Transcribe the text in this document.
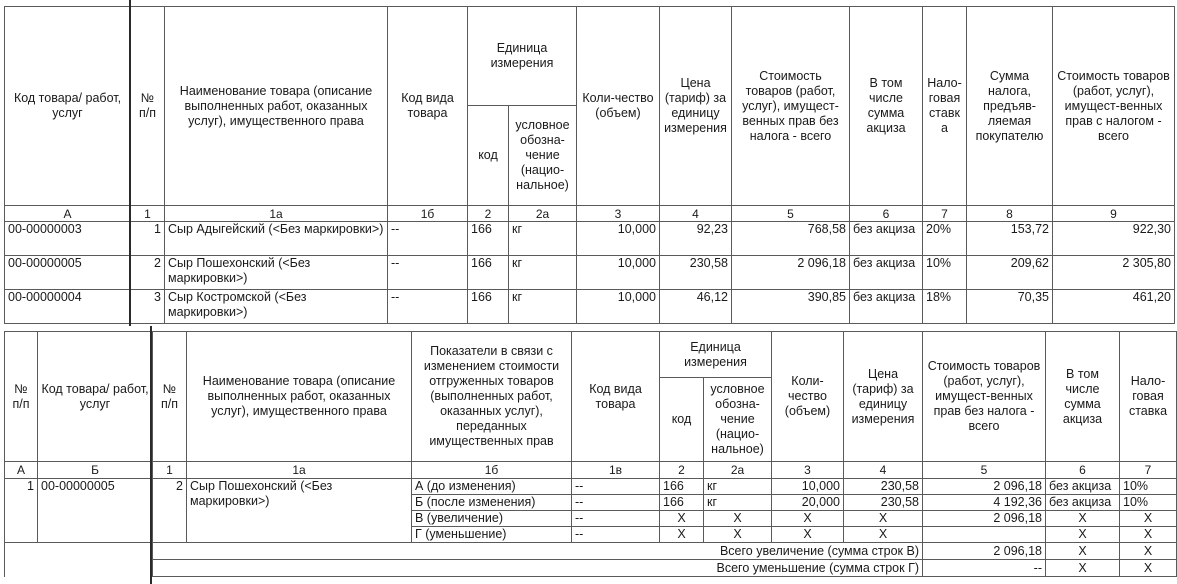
Код товара/ работ, услуг	№ п/п	Наименование товара (описание выполненных работ, оказанных услуг), имущественного права	Код вида товара	Единица измерения		Коли-чество (объем)	Цена (тариф) за единицу измерения	Стоимость товаров (работ, услуг), имущест-венных прав без налога - всего	В том числе сумма акциза	Нало-говая ставк а	Сумма налога, предъяв-ляемая покупателю	Стоимость товаров (работ, услуг), имущест-венных прав с налогом - всего
				код	условное обозна-чение (нацио-нальное)							
А	1	1а	1б	2	2а	3	4	5	6	7	8	9
00-00000003	1	Сыр Адыгейский (<Без маркировки>)	--	166	кг	10,000	92,23	768,58	без акциза	20%	153,72	922,30
00-00000005	2	Сыр Пошехонский (<Без маркировки>)	--	166	кг	10,000	230,58	2 096,18	без акциза	10%	209,62	2 305,80
00-00000004	3	Сыр Костромской (<Без маркировки>)	--	166	кг	10,000	46,12	390,85	без акциза	18%	70,35	461,20
№ п/п	Код товара/ работ, услуг	№ п/п	Наименование товара (описание выполненных работ, оказанных услуг), имущественного права	Показатели в связи с изменением стоимости отгруженных товаров (выполненных работ, оказанных услуг), переданных имущественных прав	Код вида товара	Единица измерения		Коли-чество (объем)	Цена (тариф) за единицу измерения	Стоимость товаров (работ, услуг), имущест-венных прав без налога - всего	В том числе сумма акциза	Нало-говая ставка
						код	условное обозна-чение (нацио-нальное)					
А	Б	1	1а	1б	1в	2	2а	3	4	5	6	7
1	00-00000005	2	Сыр Пошехонский (<Без маркировки>)	А (до изменения)	--	166	кг	10,000	230,58	2 096,18	без акциза	10%
				Б (после изменения)	--	166	кг	20,000	230,58	4 192,36	без акциза	10%
				В (увеличение)	--	X	X	X	X	2 096,18	X	X
				Г (уменьшение)	--	X	X	X	X		X	X
		Всего увеличение (сумма строк В)								2 096,18	X	X
		Всего уменьшение (сумма строк Г)								--	X	X
